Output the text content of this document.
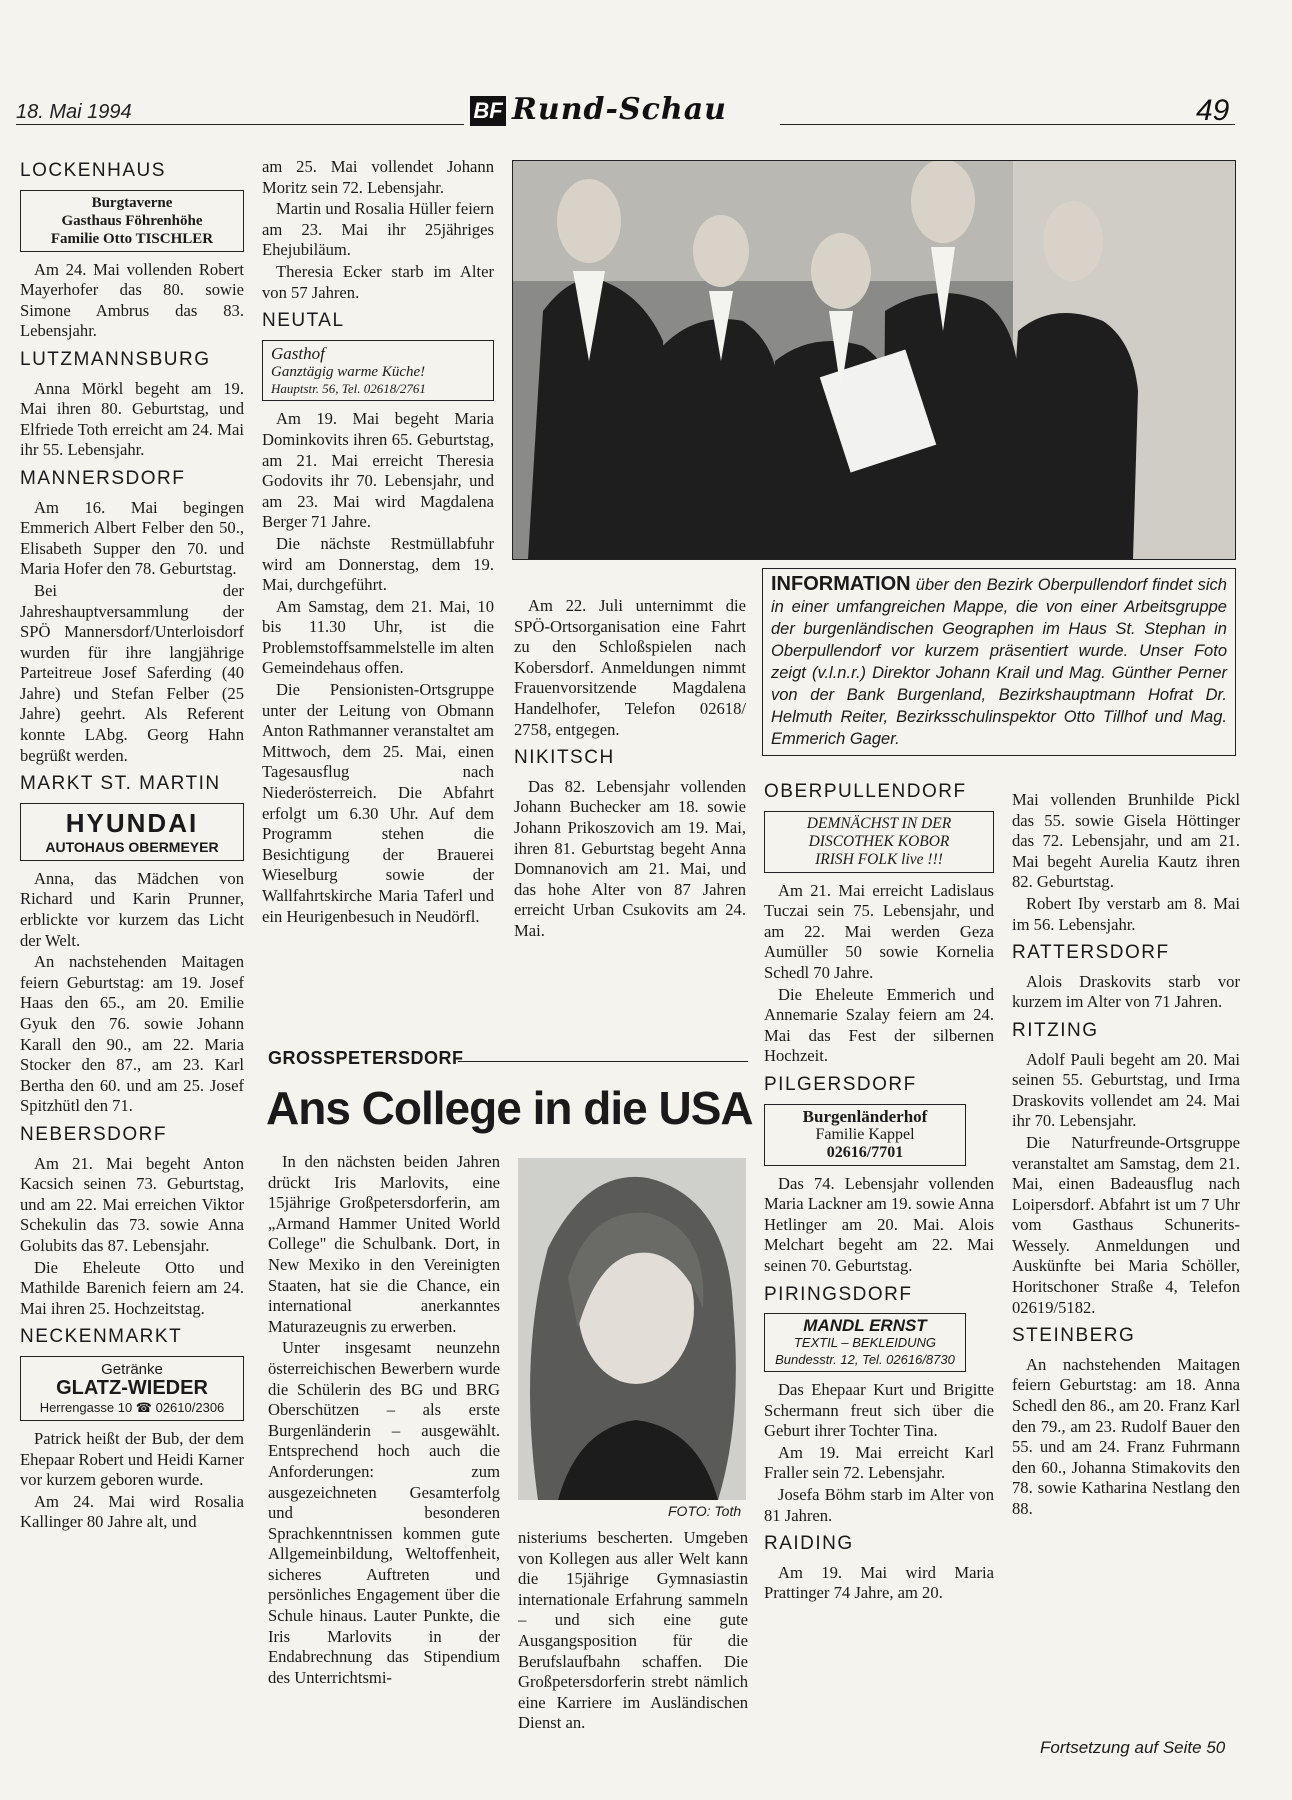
18. Mai 1994	BF Rund-Schau	49
LOCKENHAUS
Burgtaverne
Gasthaus Föhrenhöhe
Familie Otto TISCHLER

Am 24. Mai vollenden Robert Mayerhofer das 80. sowie Simone Ambrus das 83. Lebensjahr.

LUTZMANNSBURG

Anna Mörkl begeht am 19. Mai ihren 80. Geburtstag, und Elfriede Toth erreicht am 24. Mai ihr 55. Lebensjahr.

MANNERSDORF

Am 16. Mai begingen Emmerich Albert Felber den 50., Elisabeth Supper den 70. und Maria Hofer den 78. Geburtstag.

Bei der Jahreshauptversammlung der SPÖ Mannersdorf/Unterloisdorf wurden für ihre langjährige Parteitreue Josef Saferding (40 Jahre) und Stefan Felber (25 Jahre) geehrt. Als Referent konnte LAbg. Georg Hahn begrüßt werden.

MARKT ST. MARTIN
HYUNDAI
AUTOHAUS OBERMEYER

Anna, das Mädchen von Richard und Karin Prunner, erblickte vor kurzem das Licht der Welt.

An nachstehenden Maitagen feiern Geburtstag: am 19. Josef Haas den 65., am 20. Emilie Gyuk den 76. sowie Johann Karall den 90., am 22. Maria Stocker den 87., am 23. Karl Bertha den 60. und am 25. Josef Spitzhütl den 71.

NEBERSDORF

Am 21. Mai begeht Anton Kacsich seinen 73. Geburtstag, und am 22. Mai erreichen Viktor Schekulin das 73. sowie Anna Golubits das 87. Lebensjahr.

Die Eheleute Otto und Mathilde Barenich feiern am 24. Mai ihren 25. Hochzeitstag.

NECKENMARKT
Getränke
GLATZ-WIEDER
Herrengasse 10 ☎ 02610/2306

Patrick heißt der Bub, der dem Ehepaar Robert und Heidi Karner vor kurzem geboren wurde.

Am 24. Mai wird Rosalia Kallinger 80 Jahre alt, und

am 25. Mai vollendet Johann Moritz sein 72. Lebensjahr.

Martin und Rosalia Hüller feiern am 23. Mai ihr 25jähriges Ehejubiläum.

Theresia Ecker starb im Alter von 57 Jahren.

NEUTAL
Gasthof
Ganztägig warme Küche!
Hauptstr. 56, Tel. 02618/2761

Am 19. Mai begeht Maria Dominkovits ihren 65. Geburtstag, am 21. Mai erreicht Theresia Godovits ihr 70. Lebensjahr, und am 23. Mai wird Magdalena Berger 71 Jahre.

Die nächste Restmüllabfuhr wird am Donnerstag, dem 19. Mai, durchgeführt.

Am Samstag, dem 21. Mai, 10 bis 11.30 Uhr, ist die Problemstoffsammelstelle im alten Gemeindehaus offen.

Die Pensionisten-Ortsgruppe unter der Leitung von Obmann Anton Rathmanner veranstaltet am Mittwoch, dem 25. Mai, einen Tagesausflug nach Niederösterreich. Die Abfahrt erfolgt um 6.30 Uhr. Auf dem Programm stehen die Besichtigung der Brauerei Wieselburg sowie der Wallfahrtskirche Maria Taferl und ein Heurigenbesuch in Neudörfl.

INFORMATION über den Bezirk Oberpullendorf findet sich in einer umfangreichen Mappe, die von einer Arbeitsgruppe der burgenländischen Geographen im Haus St. Stephan in Oberpullendorf vor kurzem präsentiert wurde. Unser Foto zeigt (v.l.n.r.) Direktor Johann Krail und Mag. Günther Perner von der Bank Burgenland, Bezirkshauptmann Hofrat Dr. Helmuth Reiter, Bezirksschulinspektor Otto Tillhof und Mag. Emmerich Gager.

Am 22. Juli unternimmt die SPÖ-Ortsorganisation eine Fahrt zu den Schloßspielen nach Kobersdorf. Anmeldungen nimmt Frauenvorsitzende Magdalena Handelhofer, Telefon 02618/ 2758, entgegen.

NIKITSCH

Das 82. Lebensjahr vollenden Johann Buchecker am 18. sowie Johann Prikoszovich am 19. Mai, ihren 81. Geburtstag begeht Anna Domnanovich am 21. Mai, und das hohe Alter von 87 Jahren erreicht Urban Csukovits am 24. Mai.

GROSSPETERSDORF
Ans College in die USA

In den nächsten beiden Jahren drückt Iris Marlovits, eine 15jährige Großpetersdorferin, am „Armand Hammer United World College" die Schulbank. Dort, in New Mexiko in den Vereinigten Staaten, hat sie die Chance, ein international anerkanntes Maturazeugnis zu erwerben.

Unter insgesamt neunzehn österreichischen Bewerbern wurde die Schülerin des BG und BRG Oberschützen – als erste Burgenländerin – ausgewählt. Entsprechend hoch auch die Anforderungen: zum ausgezeichneten Gesamterfolg und besonderen Sprachkenntnissen kommen gute Allgemeinbildung, Weltoffenheit, sicheres Auftreten und persönliches Engagement über die Schule hinaus. Lauter Punkte, die Iris Marlovits in der Endabrechnung das Stipendium des Unterrichtsmi-

FOTO: Toth

nisteriums bescherten. Umgeben von Kollegen aus aller Welt kann die 15jährige Gymnasiastin internationale Erfahrung sammeln – und sich eine gute Ausgangsposition für die Berufslaufbahn schaffen. Die Großpetersdorferin strebt nämlich eine Karriere im Ausländischen Dienst an.

OBERPULLENDORF
DEMNÄCHST IN DER
DISCOTHEK KOBOR
IRISH FOLK live !!!

Am 21. Mai erreicht Ladislaus Tuczai sein 75. Lebensjahr, und am 22. Mai werden Geza Aumüller 50 sowie Kornelia Schedl 70 Jahre.

Die Eheleute Emmerich und Annemarie Szalay feiern am 24. Mai das Fest der silbernen Hochzeit.

PILGERSDORF
Burgenländerhof
Familie Kappel
02616/7701

Das 74. Lebensjahr vollenden Maria Lackner am 19. sowie Anna Hetlinger am 20. Mai. Alois Melchart begeht am 22. Mai seinen 70. Geburtstag.

PIRINGSDORF
MANDL ERNST
TEXTIL – BEKLEIDUNG
Bundesstr. 12, Tel. 02616/8730

Das Ehepaar Kurt und Brigitte Schermann freut sich über die Geburt ihrer Tochter Tina.

Am 19. Mai erreicht Karl Fraller sein 72. Lebensjahr.

Josefa Böhm starb im Alter von 81 Jahren.

RAIDING

Am 19. Mai wird Maria Prattinger 74 Jahre, am 20.

Mai vollenden Brunhilde Pickl das 55. sowie Gisela Höttinger das 72. Lebensjahr, und am 21. Mai begeht Aurelia Kautz ihren 82. Geburtstag.

Robert Iby verstarb am 8. Mai im 56. Lebensjahr.

RATTERSDORF

Alois Draskovits starb vor kurzem im Alter von 71 Jahren.

RITZING

Adolf Pauli begeht am 20. Mai seinen 55. Geburtstag, und Irma Draskovits vollendet am 24. Mai ihr 70. Lebensjahr.

Die Naturfreunde-Ortsgruppe veranstaltet am Samstag, dem 21. Mai, einen Badeausflug nach Loipersdorf. Abfahrt ist um 7 Uhr vom Gasthaus Schunerits-Wessely. Anmeldungen und Auskünfte bei Maria Schöller, Horitschoner Straße 4, Telefon 02619/5182.

STEINBERG

An nachstehenden Maitagen feiern Geburtstag: am 18. Anna Schedl den 86., am 20. Franz Karl den 79., am 23. Rudolf Bauer den 55. und am 24. Franz Fuhrmann den 60., Johanna Stimakovits den 78. sowie Katharina Nestlang den 88.

Fortsetzung auf Seite 50
